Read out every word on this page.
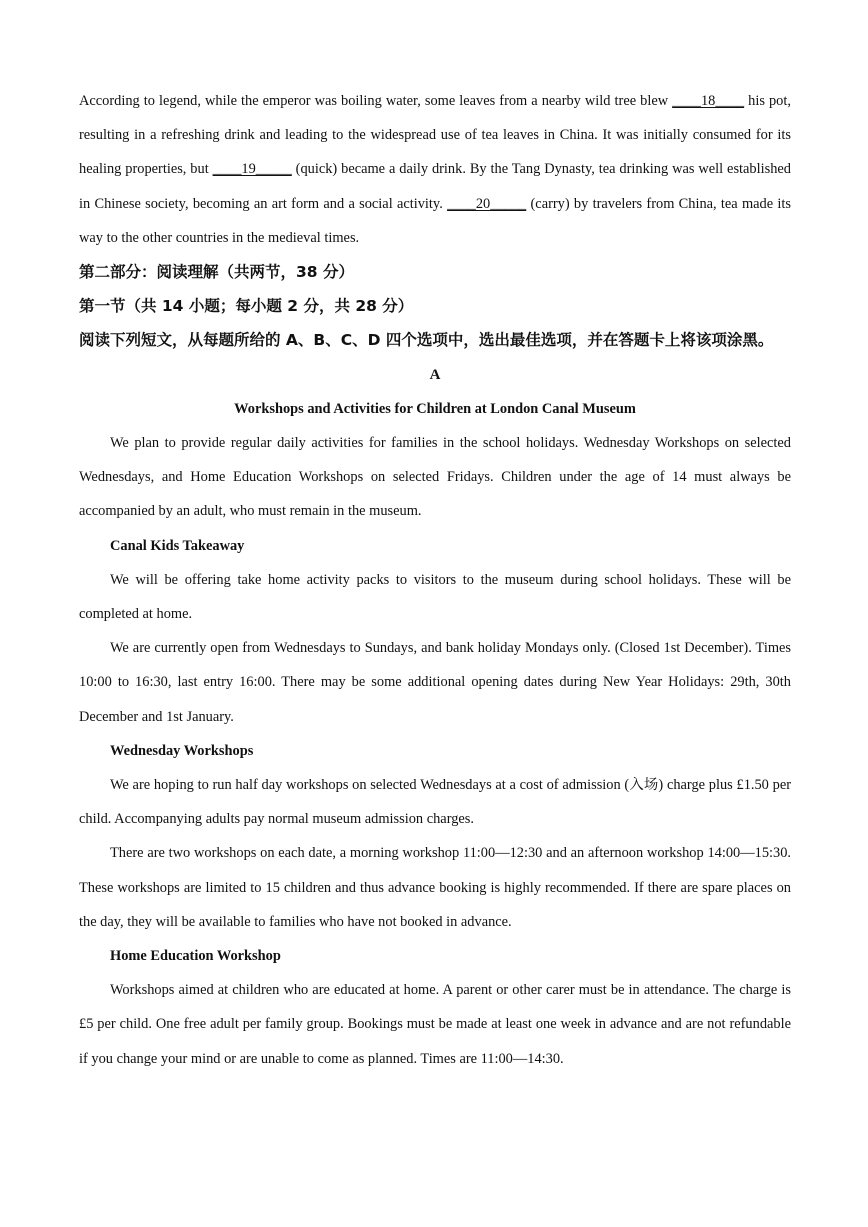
According to legend, while the emperor was boiling water, some leaves from a nearby wild tree blew ____18____ his pot, resulting in a refreshing drink and leading to the widespread use of tea leaves in China. It was initially consumed for its healing properties, but ____19_____ (quick) became a daily drink. By the Tang Dynasty, tea drinking was well established in Chinese society, becoming an art form and a social activity. ____20_____ (carry) by travelers from China, tea made its way to the other countries in the medieval times.

第二部分：阅读理解（共两节，38 分）
第一节（共 14 小题；每小题 2 分，共 28 分）
阅读下列短文，从每题所给的 A、B、C、D 四个选项中，选出最佳选项，并在答题卡上将该项涂黑。
A
Workshops and Activities for Children at London Canal Museum

We plan to provide regular daily activities for families in the school holidays. Wednesday Workshops on selected Wednesdays, and Home Education Workshops on selected Fridays. Children under the age of 14 must always be accompanied by an adult, who must remain in the museum.

Canal Kids Takeaway

We will be offering take home activity packs to visitors to the museum during school holidays. These will be completed at home.

We are currently open from Wednesdays to Sundays, and bank holiday Mondays only. (Closed 1st December). Times 10:00 to 16:30, last entry 16:00. There may be some additional opening dates during New Year Holidays: 29th, 30th December and 1st January.

Wednesday Workshops

We are hoping to run half day workshops on selected Wednesdays at a cost of admission (入场) charge plus £1.50 per child. Accompanying adults pay normal museum admission charges.

There are two workshops on each date, a morning workshop 11:00—12:30 and an afternoon workshop 14:00—15:30. These workshops are limited to 15 children and thus advance booking is highly recommended. If there are spare places on the day, they will be available to families who have not booked in advance.

Home Education Workshop

Workshops aimed at children who are educated at home. A parent or other carer must be in attendance. The charge is £5 per child. One free adult per family group. Bookings must be made at least one week in advance and are not refundable if you change your mind or are unable to come as planned. Times are 11:00—14:30.
